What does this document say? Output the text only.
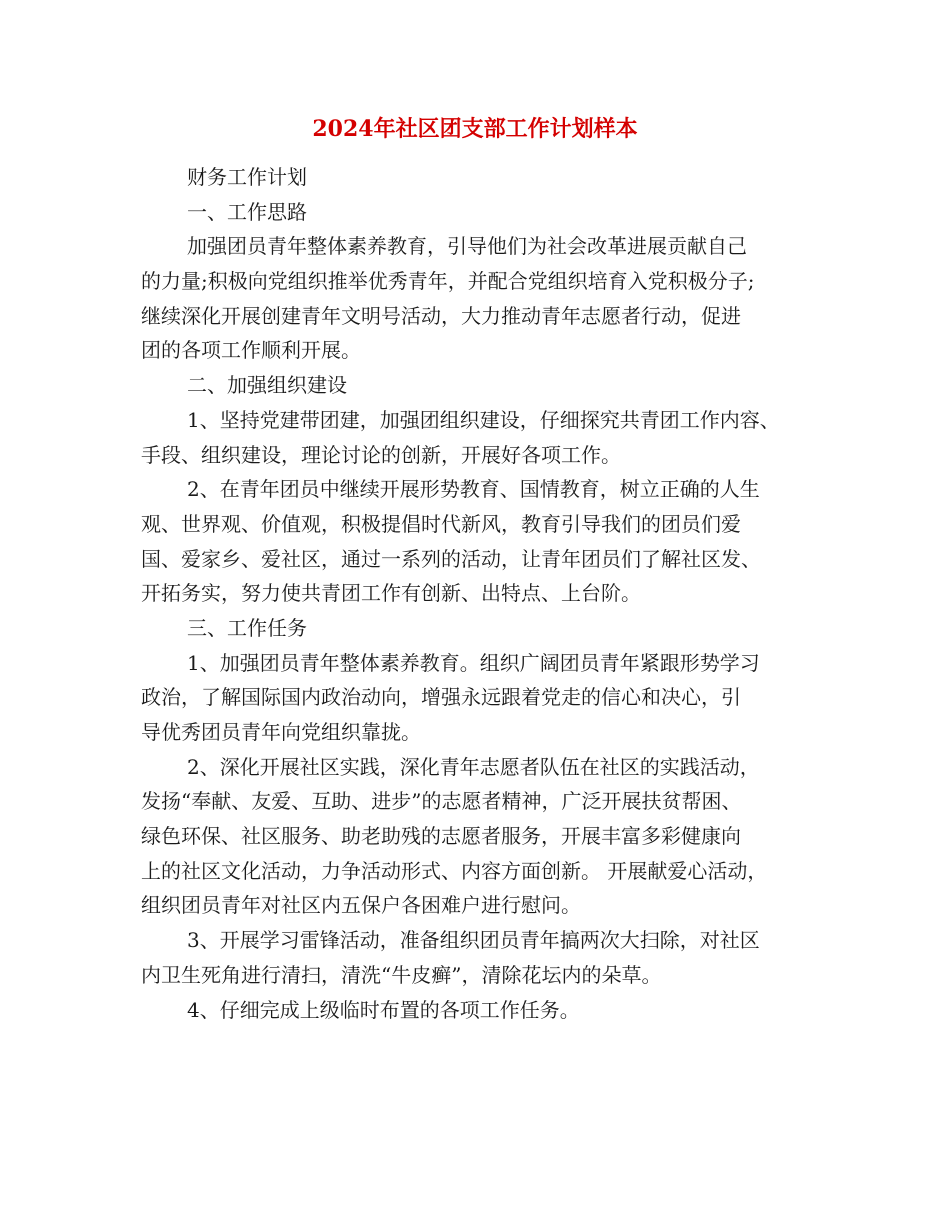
2024年社区团支部工作计划样本
财务工作计划
一、工作思路
加强团员青年整体素养教育，引导他们为社会改革进展贡献自己
的力量;积极向党组织推举优秀青年，并配合党组织培育入党积极分子;
继续深化开展创建青年文明号活动，大力推动青年志愿者行动，促进
团的各项工作顺利开展。
二、加强组织建设
1、坚持党建带团建，加强团组织建设，仔细探究共青团工作内容、
手段、组织建设，理论讨论的创新，开展好各项工作。
2、在青年团员中继续开展形势教育、国情教育，树立正确的人生
观、世界观、价值观，积极提倡时代新风，教育引导我们的团员们爱
国、爱家乡、爱社区，通过一系列的活动，让青年团员们了解社区发、
开拓务实，努力使共青团工作有创新、出特点、上台阶。
三、工作任务
1、加强团员青年整体素养教育。组织广阔团员青年紧跟形势学习
政治，了解国际国内政治动向，增强永远跟着党走的信心和决心，引
导优秀团员青年向党组织靠拢。
2、深化开展社区实践，深化青年志愿者队伍在社区的实践活动，
发扬“奉献、友爱、互助、进步”的志愿者精神，广泛开展扶贫帮困、
绿色环保、社区服务、助老助残的志愿者服务，开展丰富多彩健康向
上的社区文化活动，力争活动形式、内容方面创新。 开展献爱心活动，
组织团员青年对社区内五保户各困难户进行慰问。
3、开展学习雷锋活动，准备组织团员青年搞两次大扫除，对社区
内卫生死角进行清扫，清洗“牛皮癣”，清除花坛内的朵草。
4、仔细完成上级临时布置的各项工作任务。
